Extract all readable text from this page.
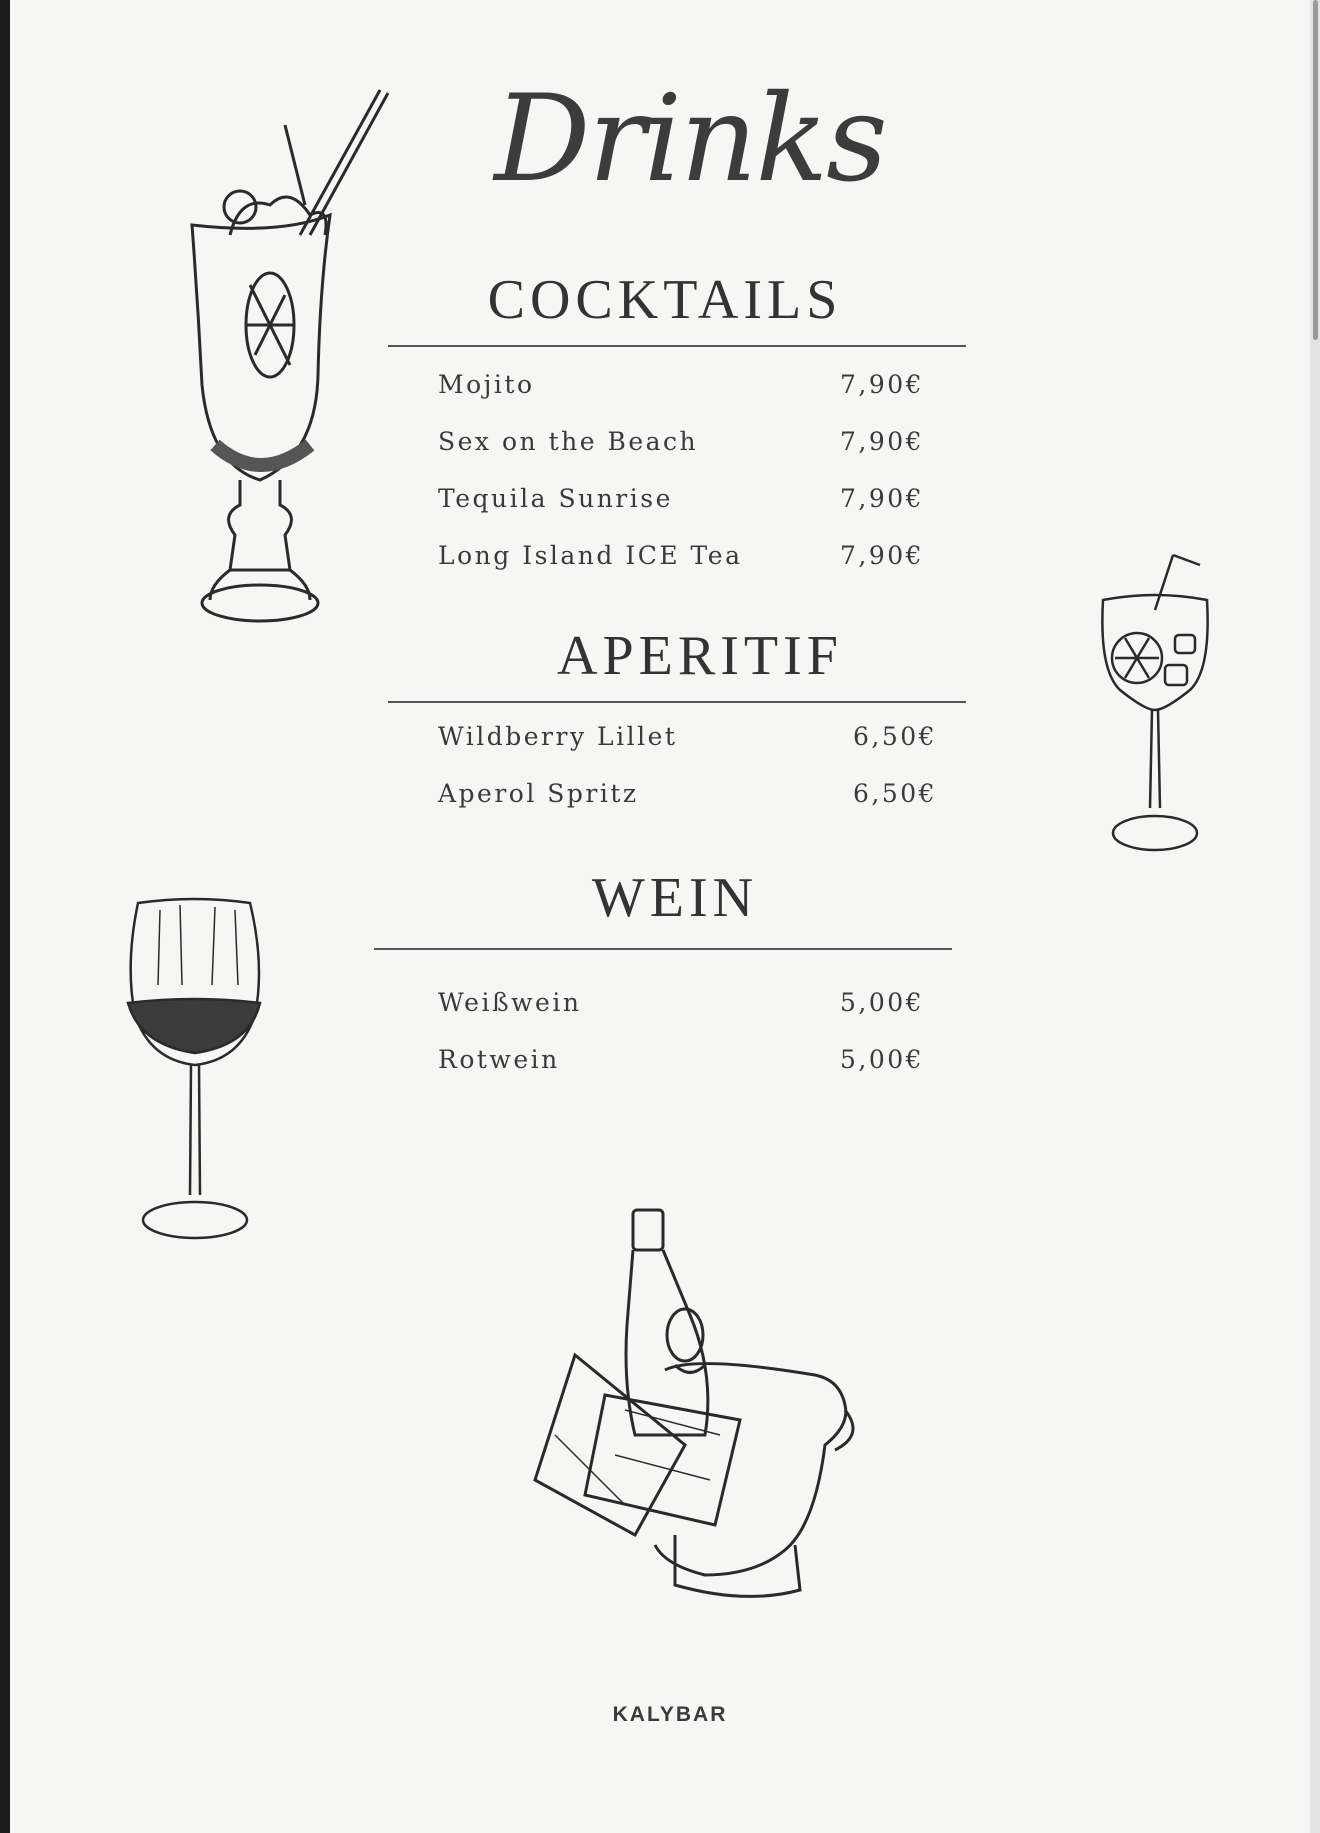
Drinks
COCKTAILS
Mojito	7,90€
Sex on the Beach	7,90€
Tequila Sunrise	7,90€
Long Island ICE Tea	7,90€
APERITIF
Wildberry Lillet	6,50€
Aperol Spritz	6,50€
WEIN
Weißwein	5,00€
Rotwein	5,00€
KALYBAR
